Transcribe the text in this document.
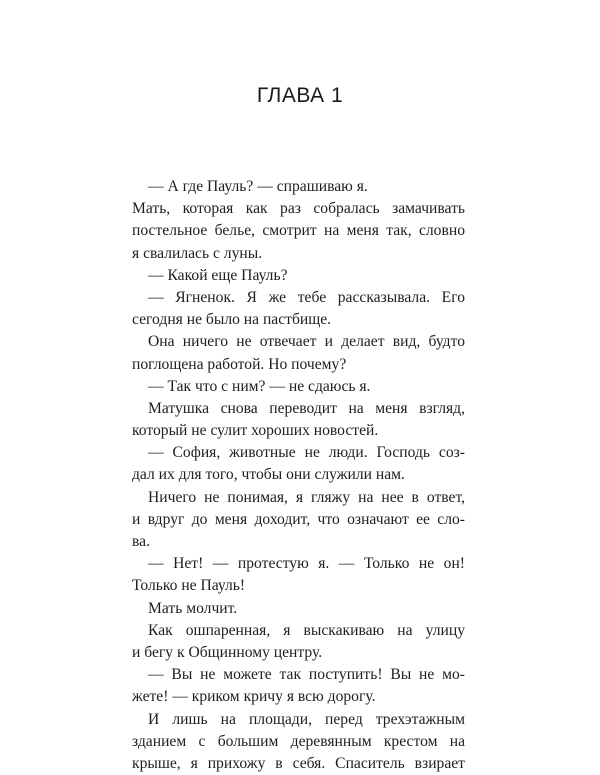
ГЛАВА 1
— А где Пауль? — спрашиваю я.
Мать, которая как раз собралась замачивать
постельное белье, смотрит на меня так, словно
я свалилась с луны.
— Какой еще Пауль?
— Ягненок. Я же тебе рассказывала. Его
сегодня не было на пастбище.
Она ничего не отвечает и делает вид, будто
поглощена работой. Но почему?
— Так что с ним? — не сдаюсь я.
Матушка снова переводит на меня взгляд,
который не сулит хороших новостей.
— София, животные не люди. Господь соз-
дал их для того, чтобы они служили нам.
Ничего не понимая, я гляжу на нее в ответ,
и вдруг до меня доходит, что означают ее сло-
ва.
— Нет! — протестую я. — Только не он!
Только не Пауль!
Мать молчит.
Как ошпаренная, я выскакиваю на улицу
и бегу к Общинному центру.
— Вы не можете так поступить! Вы не мо-
жете! — криком кричу я всю дорогу.
И лишь на площади, перед трехэтажным
зданием с большим деревянным крестом на
крыше, я прихожу в себя. Спаситель взирает
